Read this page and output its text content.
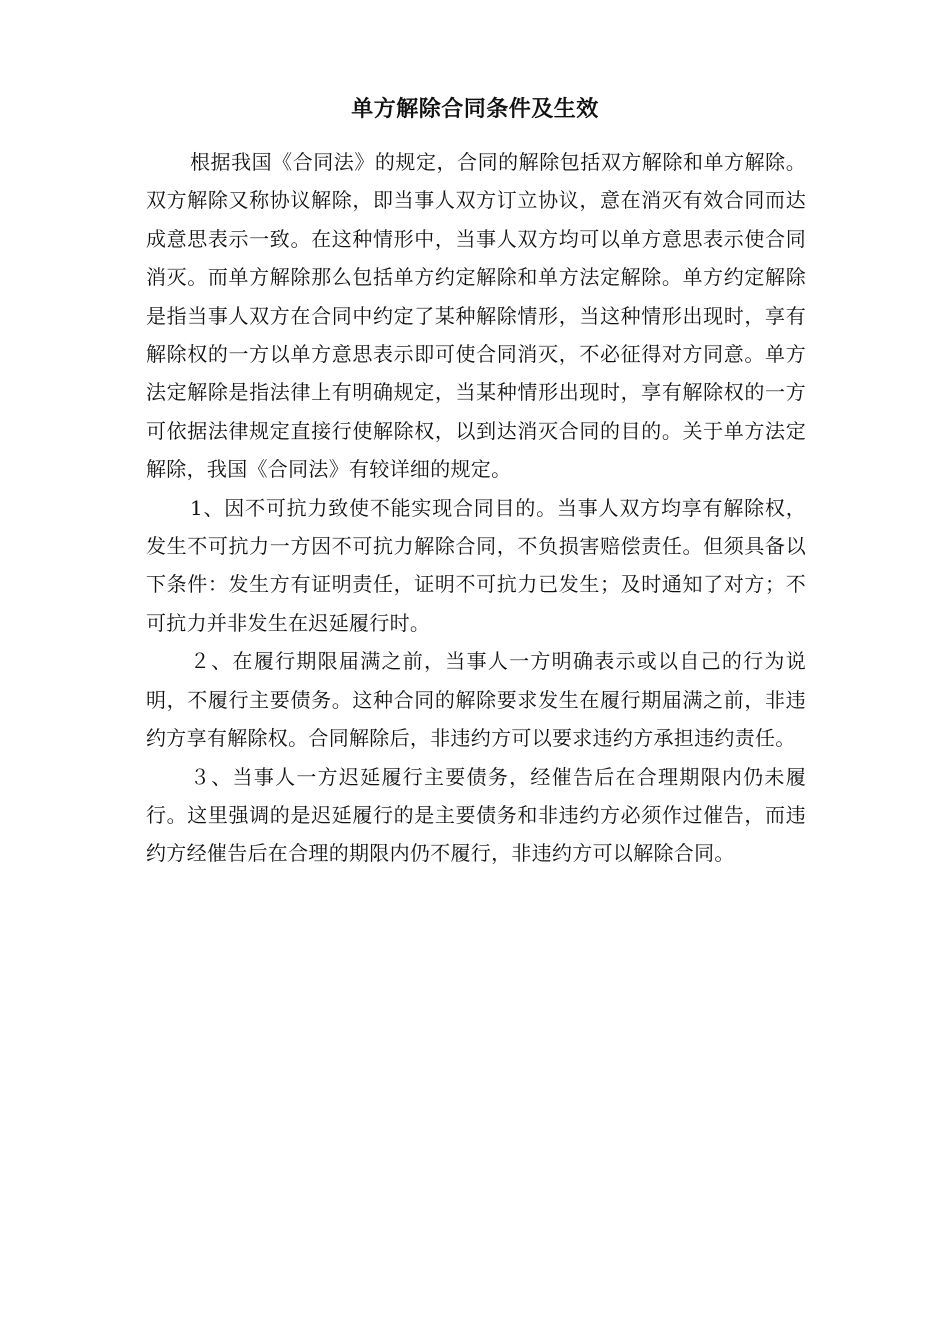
单方解除合同条件及生效

根据我国《合同法》的规定，合同的解除包括双方解除和单方解除。双方解除又称协议解除，即当事人双方订立协议，意在消灭有效合同而达成意思表示一致。在这种情形中，当事人双方均可以单方意思表示使合同消灭。而单方解除那么包括单方约定解除和单方法定解除。单方约定解除是指当事人双方在合同中约定了某种解除情形，当这种情形出现时，享有解除权的一方以单方意思表示即可使合同消灭，不必征得对方同意。单方法定解除是指法律上有明确规定，当某种情形出现时，享有解除权的一方可依据法律规定直接行使解除权，以到达消灭合同的目的。关于单方法定解除，我国《合同法》有较详细的规定。

1、因不可抗力致使不能实现合同目的。当事人双方均享有解除权，发生不可抗力一方因不可抗力解除合同，不负损害赔偿责任。但须具备以下条件：发生方有证明责任，证明不可抗力已发生；及时通知了对方；不可抗力并非发生在迟延履行时。

２、在履行期限届满之前，当事人一方明确表示或以自己的行为说明，不履行主要债务。这种合同的解除要求发生在履行期届满之前，非违约方享有解除权。合同解除后，非违约方可以要求违约方承担违约责任。

３、当事人一方迟延履行主要债务，经催告后在合理期限内仍未履行。这里强调的是迟延履行的是主要债务和非违约方必须作过催告，而违约方经催告后在合理的期限内仍不履行，非违约方可以解除合同。
